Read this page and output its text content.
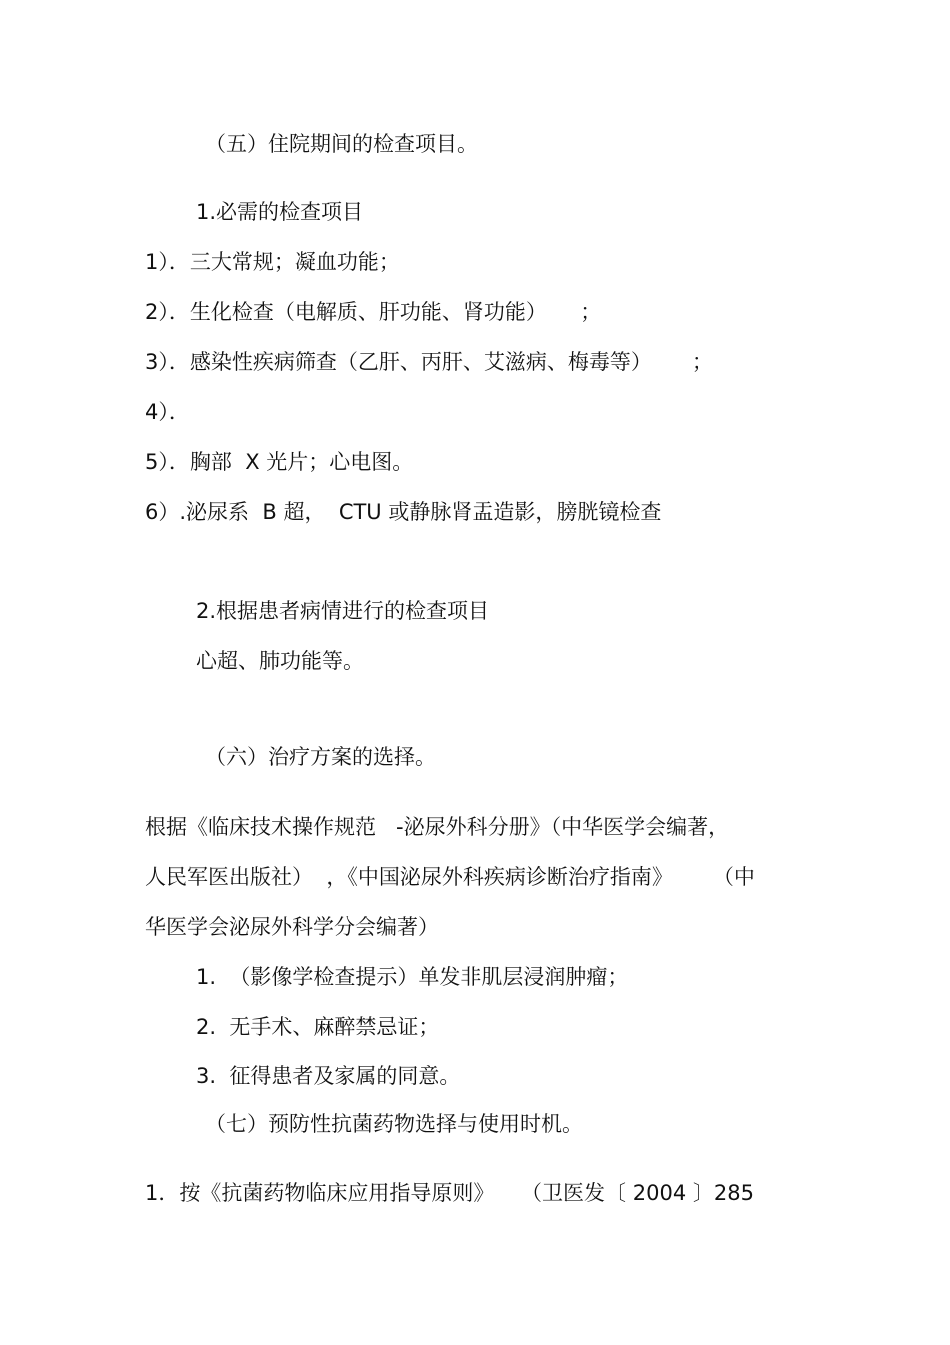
（五）住院期间的检查项目。
1.必需的检查项目
1）．三大常规；凝血功能；
2）．生化检查（电解质、肝功能、肾功能）     ；
3）．感染性疾病筛查（乙肝、丙肝、艾滋病、梅毒等）      ；
4）．
5）．胸部  X 光片；心电图。
6）.泌尿系  B 超，  CTU 或静脉肾盂造影，膀胱镜检查
2.根据患者病情进行的检查项目
心超、肺功能等。
（六）治疗方案的选择。
根据《临床技术操作规范   -泌尿外科分册》（中华医学会编著，
人民军医出版社）  ，《中国泌尿外科疾病诊断治疗指南》      （中
华医学会泌尿外科学分会编著）
1.  （影像学检查提示）单发非肌层浸润肿瘤；
2.  无手术、麻醉禁忌证；
3.  征得患者及家属的同意。
（七）预防性抗菌药物选择与使用时机。
1．按《抗菌药物临床应用指导原则》    （卫医发〔 2004 〕285
